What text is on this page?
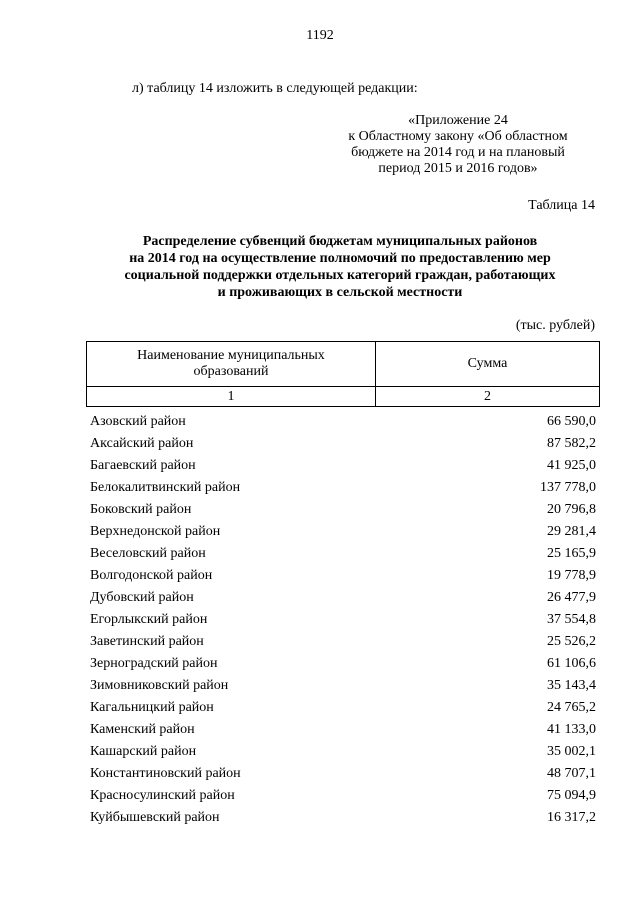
1192
л) таблицу 14 изложить в следующей редакции:
«Приложение 24
к Областному закону «Об областном
бюджете на 2014 год и на плановый
период 2015 и 2016 годов»
Таблица 14
Распределение субвенций бюджетам муниципальных районов
на 2014 год на осуществление полномочий по предоставлению мер
социальной поддержки отдельных категорий граждан, работающих
и проживающих в сельской местности
(тыс. рублей)
Наименование муниципальных
образований	Сумма
1	2
Азовский район	66 590,0
Аксайский район	87 582,2
Багаевский район	41 925,0
Белокалитвинский район	137 778,0
Боковский район	20 796,8
Верхнедонской район	29 281,4
Веселовский район	25 165,9
Волгодонской район	19 778,9
Дубовский район	26 477,9
Егорлыкский район	37 554,8
Заветинский район	25 526,2
Зерноградский район	61 106,6
Зимовниковский район	35 143,4
Кагальницкий район	24 765,2
Каменский район	41 133,0
Кашарский район	35 002,1
Константиновский район	48 707,1
Красносулинский район	75 094,9
Куйбышевский район	16 317,2
